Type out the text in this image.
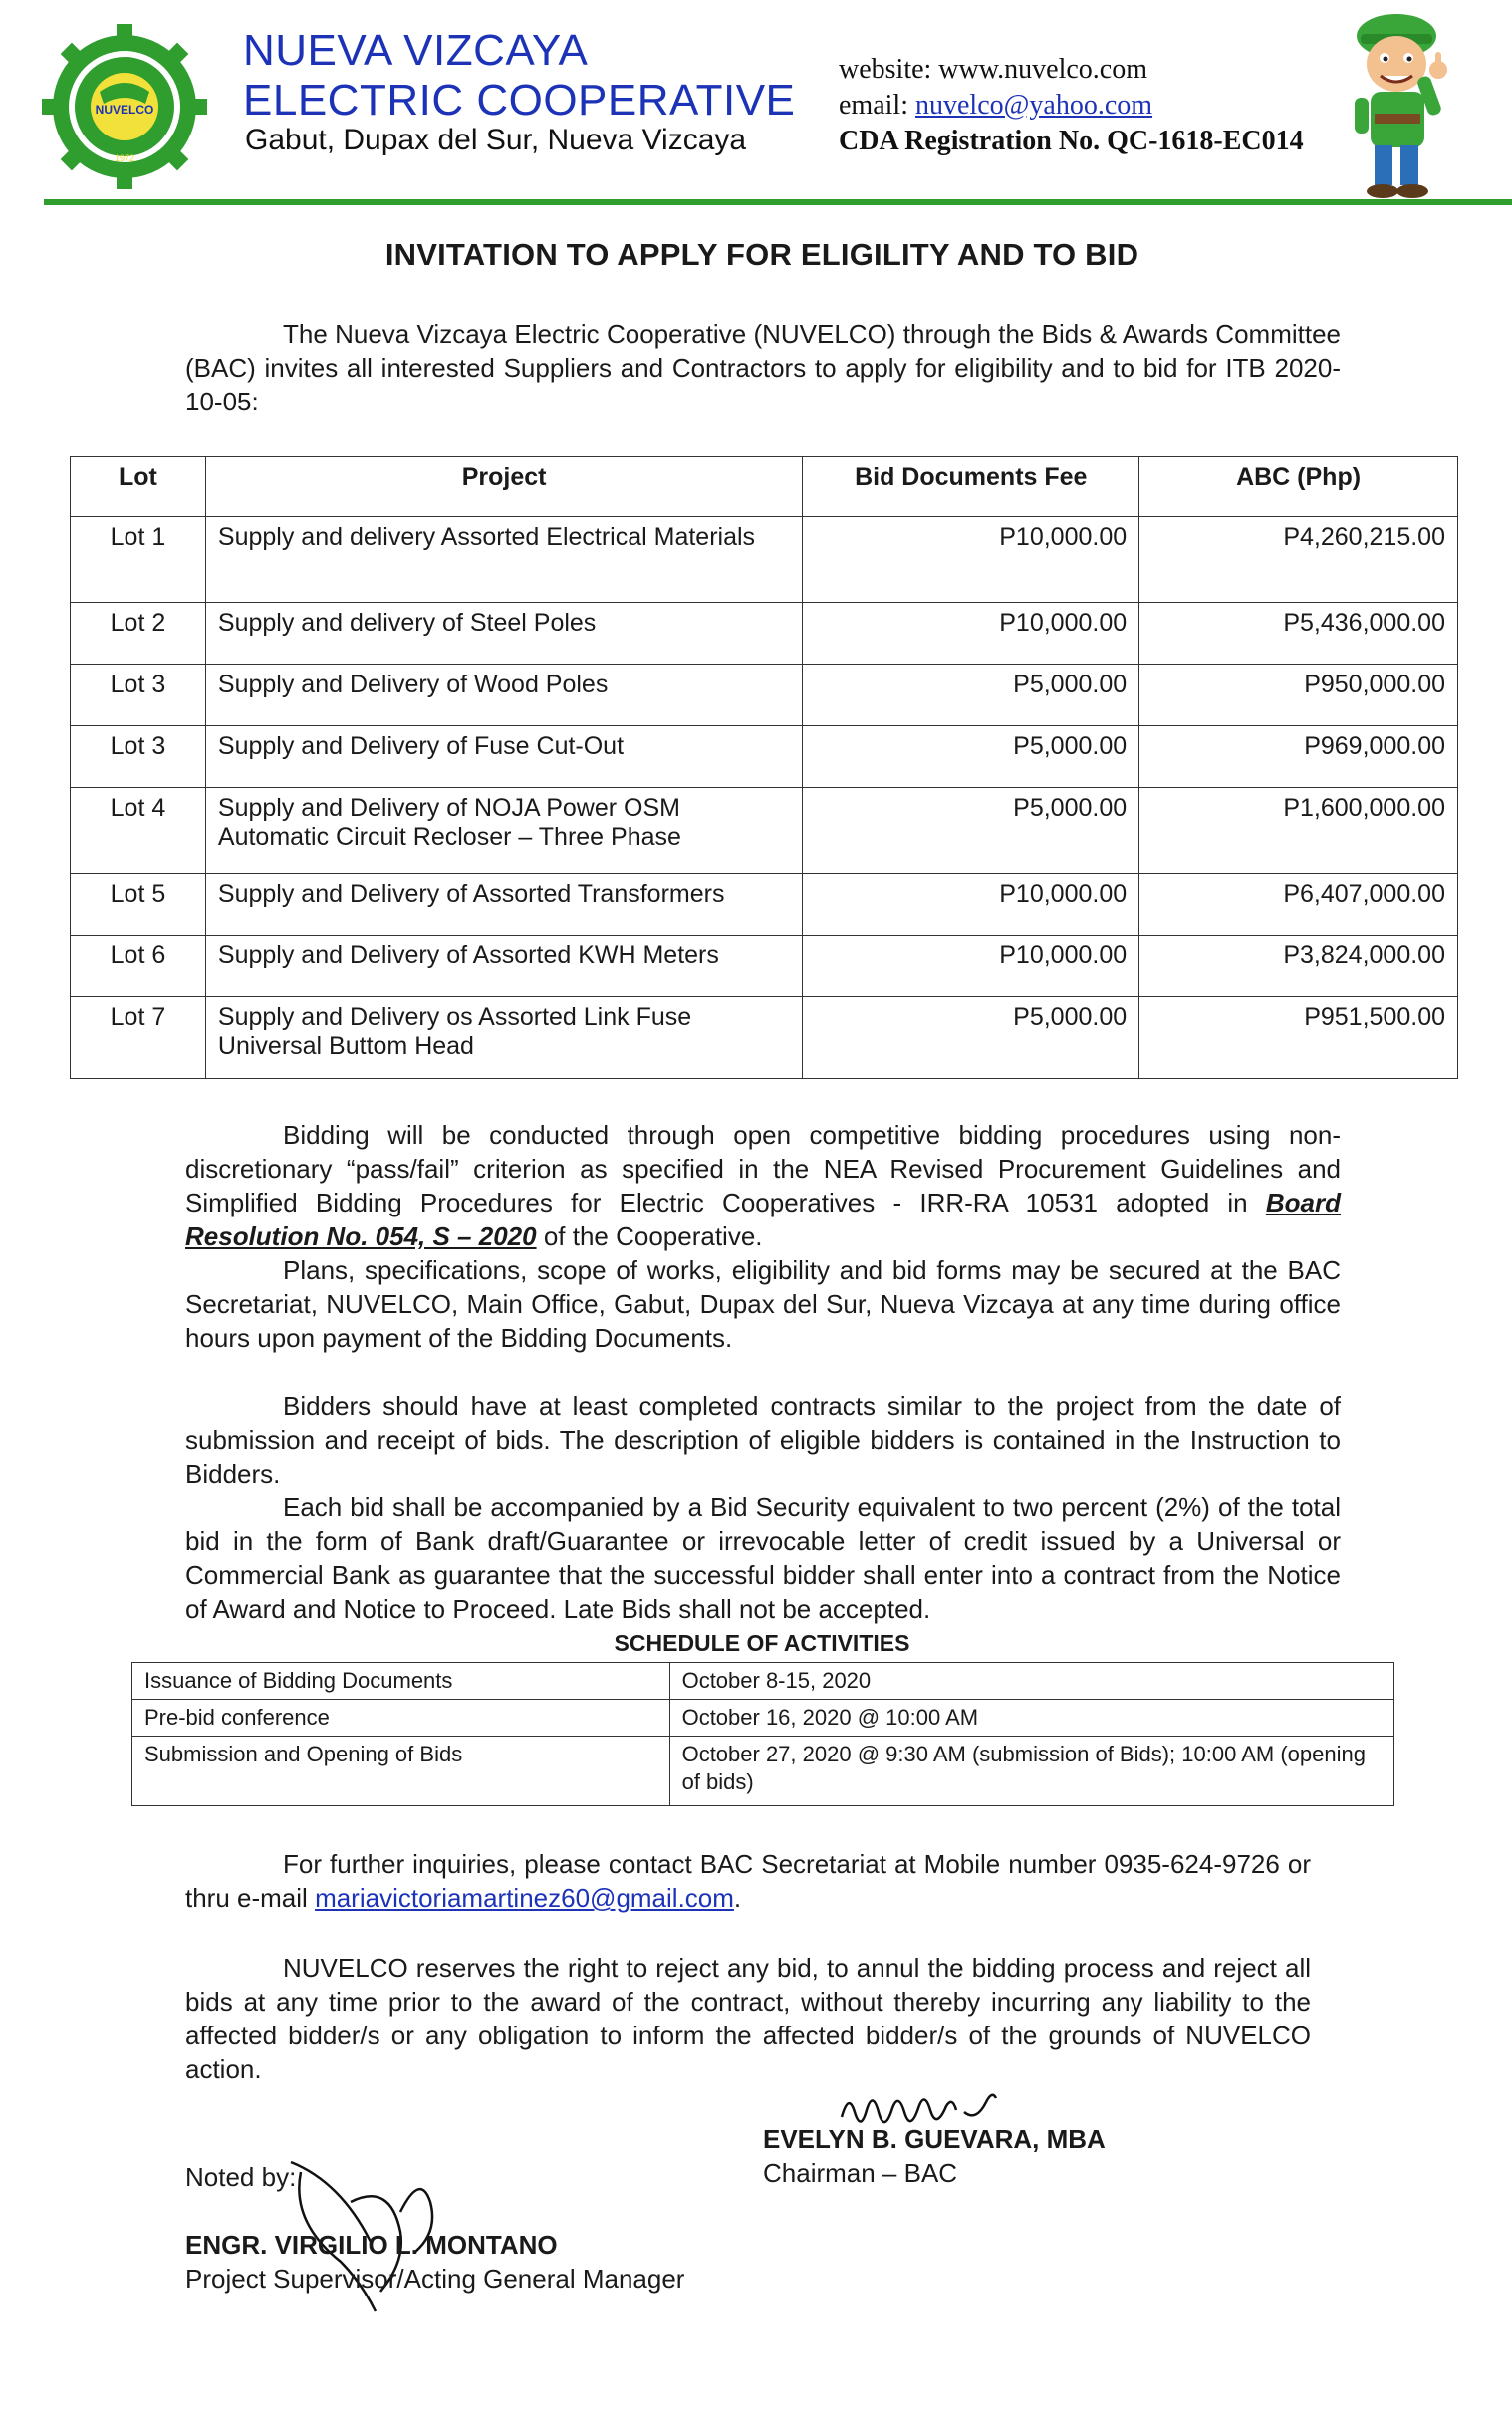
NUVELCO
1972
NUEVA VIZCAYA
ELECTRIC COOPERATIVE
Gabut, Dupax del Sur, Nueva Vizcaya
website: www.nuvelco.com
email: nuvelco@yahoo.com
CDA Registration No. QC-1618-EC014
INVITATION TO APPLY FOR ELIGILITY AND TO BID
The Nueva Vizcaya Electric Cooperative (NUVELCO) through the Bids & Awards Committee (BAC) invites all interested Suppliers and Contractors to apply for eligibility and to bid for ITB 2020-10-05:
Lot	Project	Bid Documents Fee	ABC (Php)
Lot 1	Supply and delivery Assorted Electrical Materials	P10,000.00	P4,260,215.00
Lot 2	Supply and delivery of Steel Poles	P10,000.00	P5,436,000.00
Lot 3	Supply and Delivery of Wood Poles	P5,000.00	P950,000.00
Lot 3	Supply and Delivery of Fuse Cut-Out	P5,000.00	P969,000.00
Lot 4	Supply and Delivery of NOJA Power OSM Automatic Circuit Recloser – Three Phase	P5,000.00	P1,600,000.00
Lot 5	Supply and Delivery of Assorted Transformers	P10,000.00	P6,407,000.00
Lot 6	Supply and Delivery of Assorted KWH Meters	P10,000.00	P3,824,000.00
Lot 7	Supply and Delivery os Assorted Link Fuse Universal Buttom Head	P5,000.00	P951,500.00
Bidding will be conducted through open competitive bidding procedures using non-discretionary “pass/fail” criterion as specified in the NEA Revised Procurement Guidelines and Simplified Bidding Procedures for Electric Cooperatives - IRR-RA 10531 adopted in Board Resolution No. 054, S – 2020 of the Cooperative.
Plans, specifications, scope of works, eligibility and bid forms may be secured at the BAC Secretariat, NUVELCO, Main Office, Gabut, Dupax del Sur, Nueva Vizcaya at any time during office hours upon payment of the Bidding Documents.
Bidders should have at least completed contracts similar to the project from the date of submission and receipt of bids. The description of eligible bidders is contained in the Instruction to Bidders.
Each bid shall be accompanied by a Bid Security equivalent to two percent (2%) of the total bid in the form of Bank draft/Guarantee or irrevocable letter of credit issued by a Universal or Commercial Bank as guarantee that the successful bidder shall enter into a contract from the Notice of Award and Notice to Proceed. Late Bids shall not be accepted.
SCHEDULE OF ACTIVITIES
Issuance of Bidding Documents	October 8-15, 2020
Pre-bid conference	October 16, 2020 @ 10:00 AM
Submission and Opening of Bids	October 27, 2020 @ 9:30 AM (submission of Bids); 10:00 AM (opening of bids)
For further inquiries, please contact BAC Secretariat at Mobile number 0935-624-9726 or thru e-mail mariavictoriamartinez60@gmail.com.
NUVELCO reserves the right to reject any bid, to annul the bidding process and reject all bids at any time prior to the award of the contract, without thereby incurring any liability to the affected bidder/s or any obligation to inform the affected bidder/s of the grounds of NUVELCO action.
EVELYN B. GUEVARA, MBA
Chairman – BAC
Noted by:
ENGR. VIRGILIO L. MONTANO
Project Supervisor/Acting General Manager
